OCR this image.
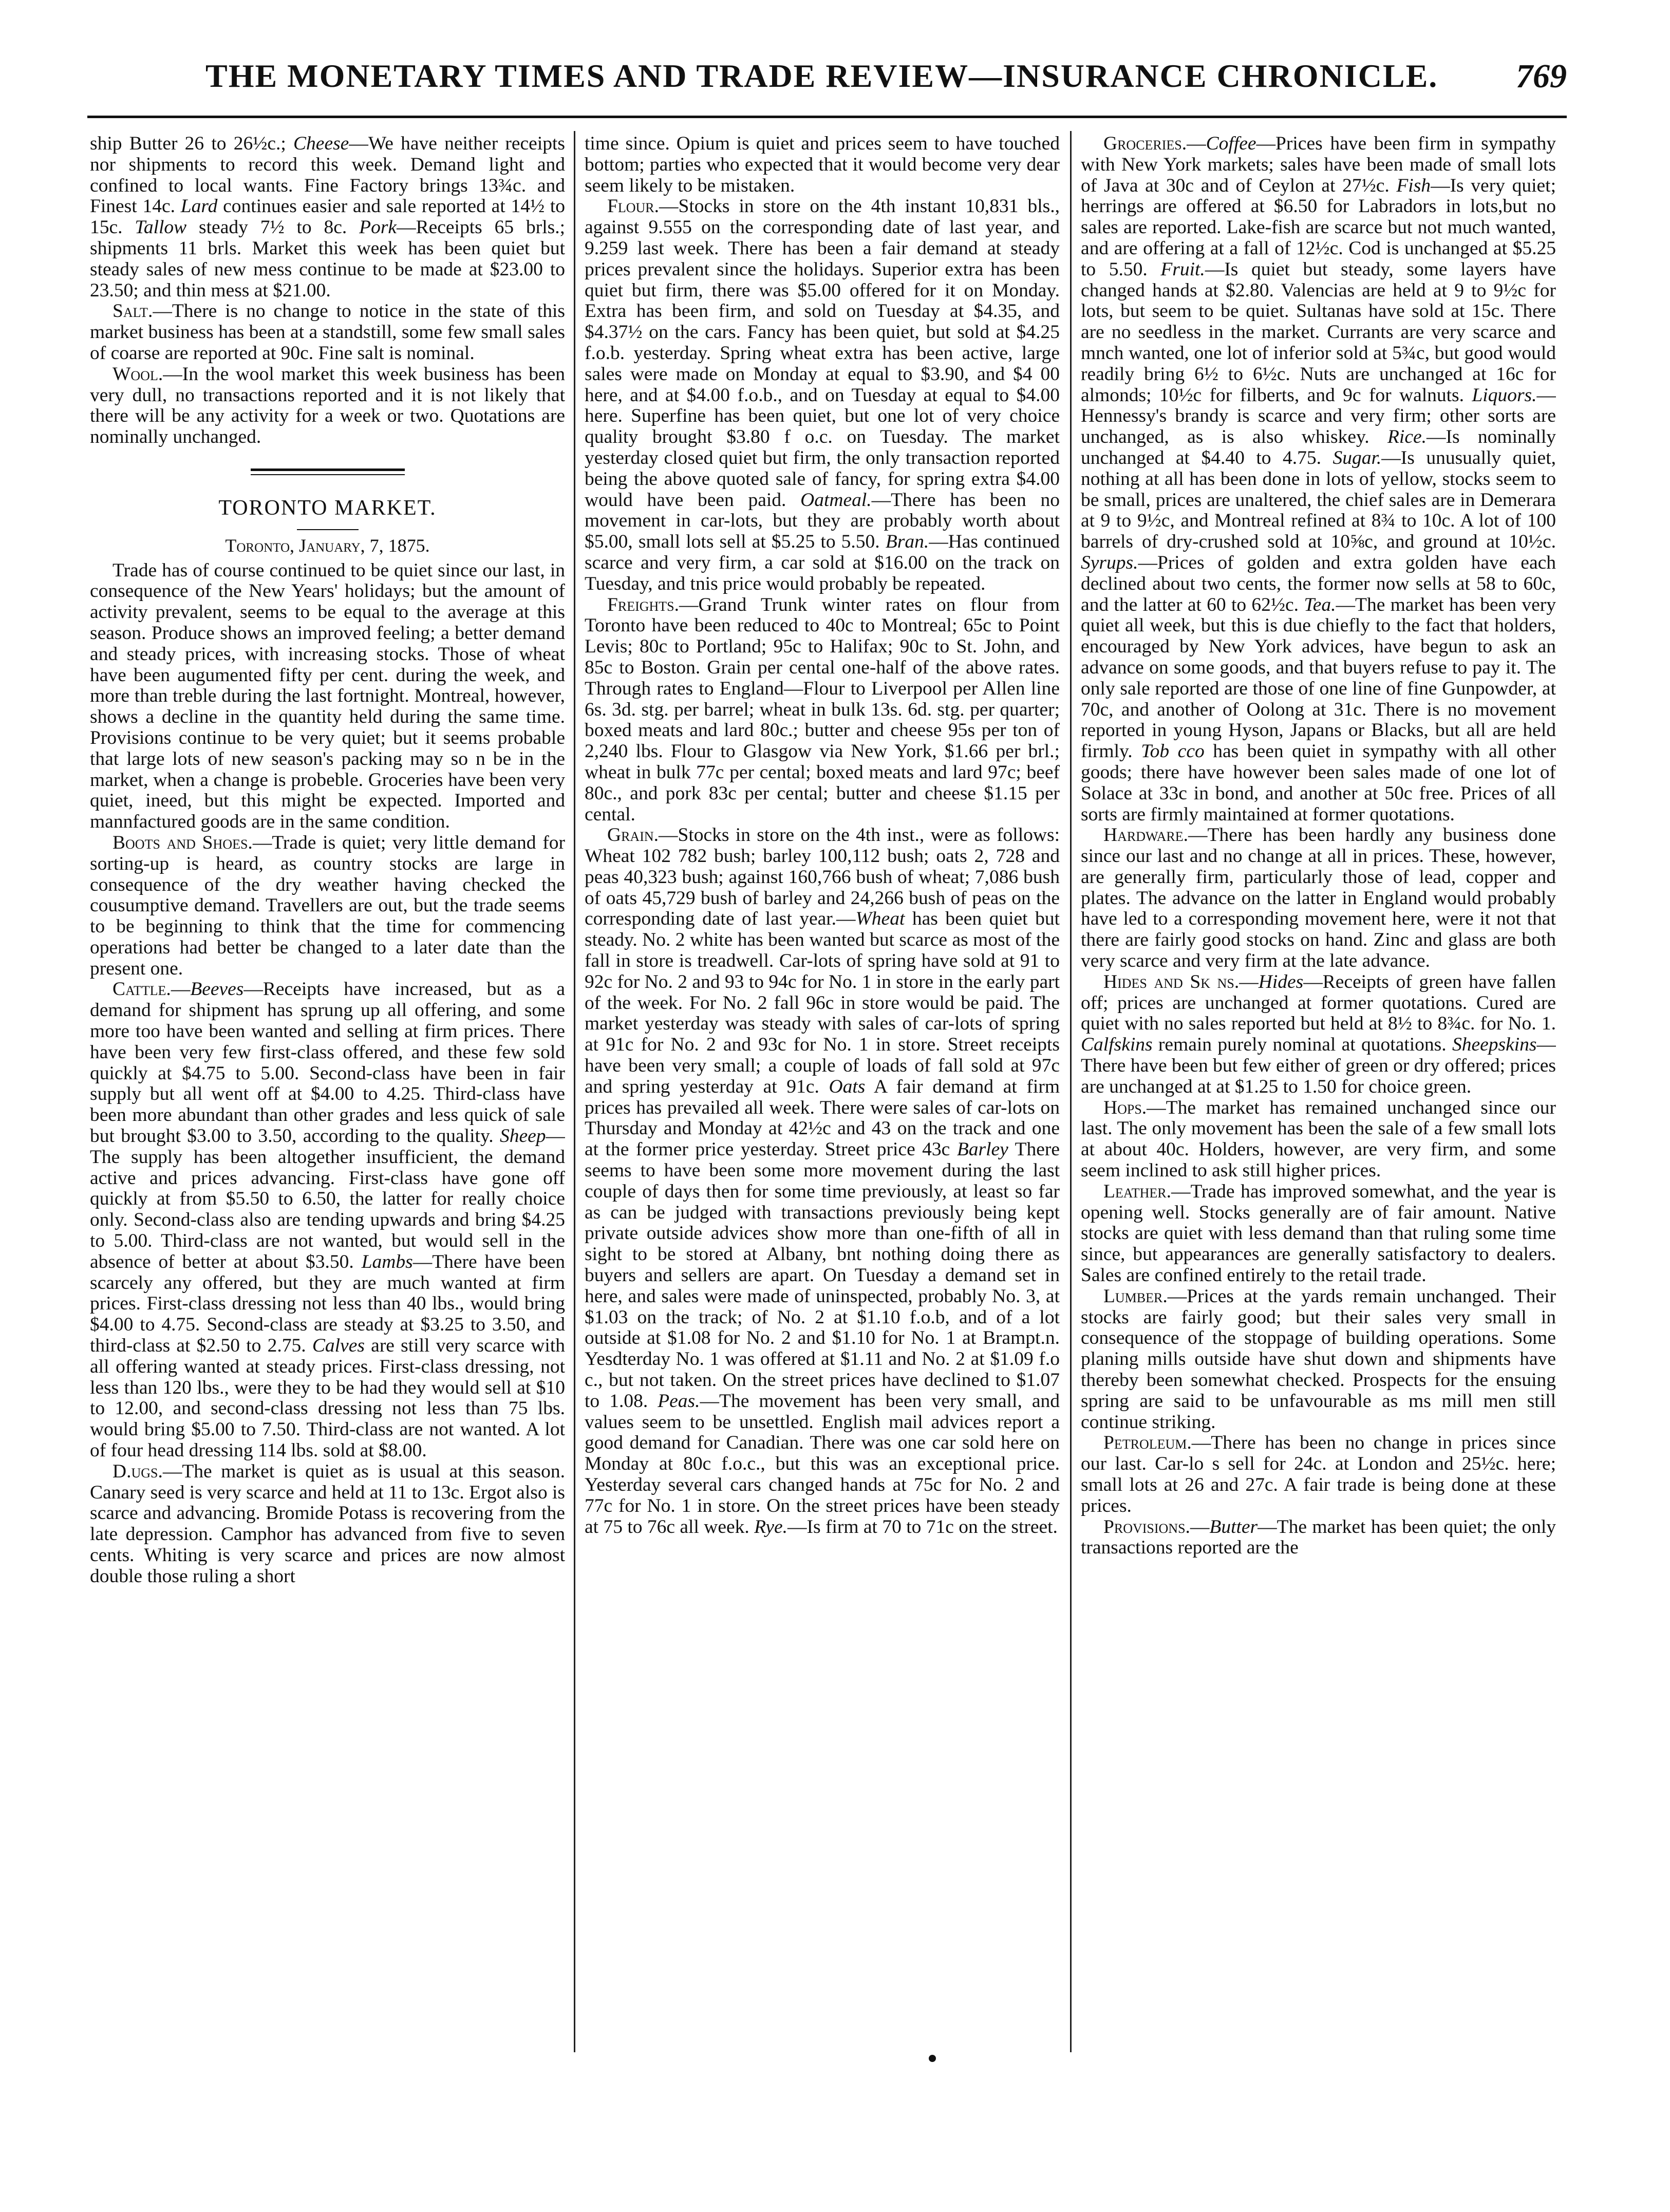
THE MONETARY TIMES AND TRADE REVIEW—INSURANCE CHRONICLE. 769

ship Butter 26 to 26½c.; Cheese—We have neither receipts nor shipments to record this week. Demand light and confined to local wants. Fine Factory brings 13¾c. and Finest 14c. Lard continues easier and sale reported at 14½ to 15c. Tallow steady 7½ to 8c. Pork—Receipts 65 brls.; shipments 11 brls. Market this week has been quiet but steady sales of new mess continue to be made at $23.00 to 23.50; and thin mess at $21.00.

Salt.—There is no change to notice in the state of this market business has been at a standstill, some few small sales of coarse are reported at 90c. Fine salt is nominal.

Wool.—In the wool market this week business has been very dull, no transactions reported and it is not likely that there will be any activity for a week or two. Quotations are nominally unchanged.

TORONTO MARKET.
Toronto, January, 7, 1875.

Trade has of course continued to be quiet since our last, in consequence of the New Years' holidays; but the amount of activity prevalent, seems to be equal to the average at this season. Produce shows an improved feeling; a better demand and steady prices, with increasing stocks. Those of wheat have been augumented fifty per cent. during the week, and more than treble during the last fortnight. Montreal, however, shows a decline in the quantity held during the same time. Provisions continue to be very quiet; but it seems probable that large lots of new season's packing may so n be in the market, when a change is probeble. Groceries have been very quiet, ineed, but this might be expected. Imported and mannfactured goods are in the same condition.

Boots and Shoes.—Trade is quiet; very little demand for sorting-up is heard, as country stocks are large in consequence of the dry weather having checked the cousumptive demand. Travellers are out, but the trade seems to be beginning to think that the time for commencing operations had better be changed to a later date than the present one.

Cattle.—Beeves—Receipts have increased, but as a demand for shipment has sprung up all offering, and some more too have been wanted and selling at firm prices. There have been very few first-class offered, and these few sold quickly at $4.75 to 5.00. Second-class have been in fair supply but all went off at $4.00 to 4.25. Third-class have been more abundant than other grades and less quick of sale but brought $3.00 to 3.50, according to the quality. Sheep—The supply has been altogether insufficient, the demand active and prices advancing. First-class have gone off quickly at from $5.50 to 6.50, the latter for really choice only. Second-class also are tending upwards and bring $4.25 to 5.00. Third-class are not wanted, but would sell in the absence of better at about $3.50. Lambs—There have been scarcely any offered, but they are much wanted at firm prices. First-class dressing not less than 40 lbs., would bring $4.00 to 4.75. Second-class are steady at $3.25 to 3.50, and third-class at $2.50 to 2.75. Calves are still very scarce with all offering wanted at steady prices. First-class dressing, not less than 120 lbs., were they to be had they would sell at $10 to 12.00, and second-class dressing not less than 75 lbs. would bring $5.00 to 7.50. Third-class are not wanted. A lot of four head dressing 114 lbs. sold at $8.00.

D.ugs.—The market is quiet as is usual at this season. Canary seed is very scarce and held at 11 to 13c. Ergot also is scarce and advancing. Bromide Potass is recovering from the late depression. Camphor has advanced from five to seven cents. Whiting is very scarce and prices are now almost double those ruling a short

time since. Opium is quiet and prices seem to have touched bottom; parties who expected that it would become very dear seem likely to be mistaken.

Flour.—Stocks in store on the 4th instant 10,831 bls., against 9.555 on the corresponding date of last year, and 9.259 last week. There has been a fair demand at steady prices prevalent since the holidays. Superior extra has been quiet but firm, there was $5.00 offered for it on Monday. Extra has been firm, and sold on Tuesday at $4.35, and $4.37½ on the cars. Fancy has been quiet, but sold at $4.25 f.o.b. yesterday. Spring wheat extra has been active, large sales were made on Monday at equal to $3.90, and $4 00 here, and at $4.00 f.o.b., and on Tuesday at equal to $4.00 here. Superfine has been quiet, but one lot of very choice quality brought $3.80 f o.c. on Tuesday. The market yesterday closed quiet but firm, the only transaction reported being the above quoted sale of fancy, for spring extra $4.00 would have been paid. Oatmeal.—There has been no movement in car-lots, but they are probably worth about $5.00, small lots sell at $5.25 to 5.50. Bran.—Has continued scarce and very firm, a car sold at $16.00 on the track on Tuesday, and tnis price would probably be repeated.

Freights.—Grand Trunk winter rates on flour from Toronto have been reduced to 40c to Montreal; 65c to Point Levis; 80c to Portland; 95c to Halifax; 90c to St. John, and 85c to Boston. Grain per cental one-half of the above rates. Through rates to England—Flour to Liverpool per Allen line 6s. 3d. stg. per barrel; wheat in bulk 13s. 6d. stg. per quarter; boxed meats and lard 80c.; butter and cheese 95s per ton of 2,240 lbs. Flour to Glasgow via New York, $1.66 per brl.; wheat in bulk 77c per cental; boxed meats and lard 97c; beef 80c., and pork 83c per cental; butter and cheese $1.15 per cental.

Grain.—Stocks in store on the 4th inst., were as follows: Wheat 102 782 bush; barley 100,112 bush; oats 2, 728 and peas 40,323 bush; against 160,766 bush of wheat; 7,086 bush of oats 45,729 bush of barley and 24,266 bush of peas on the corresponding date of last year.—Wheat has been quiet but steady. No. 2 white has been wanted but scarce as most of the fall in store is treadwell. Car-lots of spring have sold at 91 to 92c for No. 2 and 93 to 94c for No. 1 in store in the early part of the week. For No. 2 fall 96c in store would be paid. The market yesterday was steady with sales of car-lots of spring at 91c for No. 2 and 93c for No. 1 in store. Street receipts have been very small; a couple of loads of fall sold at 97c and spring yesterday at 91c. Oats A fair demand at firm prices has prevailed all week. There were sales of car-lots on Thursday and Monday at 42½c and 43 on the track and one at the former price yesterday. Street price 43c Barley There seems to have been some more movement during the last couple of days then for some time previously, at least so far as can be judged with transactions previously being kept private outside advices show more than one-fifth of all in sight to be stored at Albany, bnt nothing doing there as buyers and sellers are apart. On Tuesday a demand set in here, and sales were made of uninspected, probably No. 3, at $1.03 on the track; of No. 2 at $1.10 f.o.b, and of a lot outside at $1.08 for No. 2 and $1.10 for No. 1 at Brampt.n. Yesdterday No. 1 was offered at $1.11 and No. 2 at $1.09 f.o c., but not taken. On the street prices have declined to $1.07 to 1.08. Peas.—The movement has been very small, and values seem to be unsettled. English mail advices report a good demand for Canadian. There was one car sold here on Monday at 80c f.o.c., but this was an exceptional price. Yesterday several cars changed hands at 75c for No. 2 and 77c for No. 1 in store. On the street prices have been steady at 75 to 76c all week. Rye.—Is firm at 70 to 71c on the street.

Groceries.—Coffee—Prices have been firm in sympathy with New York markets; sales have been made of small lots of Java at 30c and of Ceylon at 27½c. Fish—Is very quiet; herrings are offered at $6.50 for Labradors in lots,but no sales are reported. Lake-fish are scarce but not much wanted, and are offering at a fall of 12½c. Cod is unchanged at $5.25 to 5.50. Fruit.—Is quiet but steady, some layers have changed hands at $2.80. Valencias are held at 9 to 9½c for lots, but seem to be quiet. Sultanas have sold at 15c. There are no seedless in the market. Currants are very scarce and mnch wanted, one lot of inferior sold at 5¾c, but good would readily bring 6½ to 6½c. Nuts are unchanged at 16c for almonds; 10½c for filberts, and 9c for walnuts. Liquors.—Hennessy's brandy is scarce and very firm; other sorts are unchanged, as is also whiskey. Rice.—Is nominally unchanged at $4.40 to 4.75. Sugar.—Is unusually quiet, nothing at all has been done in lots of yellow, stocks seem to be small, prices are unaltered, the chief sales are in Demerara at 9 to 9½c, and Montreal refined at 8¾ to 10c. A lot of 100 barrels of dry-crushed sold at 10⅝c, and ground at 10½c. Syrups.—Prices of golden and extra golden have each declined about two cents, the former now sells at 58 to 60c, and the latter at 60 to 62½c. Tea.—The market has been very quiet all week, but this is due chiefly to the fact that holders, encouraged by New York advices, have begun to ask an advance on some goods, and that buyers refuse to pay it. The only sale reported are those of one line of fine Gunpowder, at 70c, and another of Oolong at 31c. There is no movement reported in young Hyson, Japans or Blacks, but all are held firmly. Tob cco has been quiet in sympathy with all other goods; there have however been sales made of one lot of Solace at 33c in bond, and another at 50c free. Prices of all sorts are firmly maintained at former quotations.

Hardware.—There has been hardly any business done since our last and no change at all in prices. These, however, are generally firm, particularly those of lead, copper and plates. The advance on the latter in England would probably have led to a corresponding movement here, were it not that there are fairly good stocks on hand. Zinc and glass are both very scarce and very firm at the late advance.

Hides and Sk ns.—Hides—Receipts of green have fallen off; prices are unchanged at former quotations. Cured are quiet with no sales reported but held at 8½ to 8¾c. for No. 1. Calfskins remain purely nominal at quotations. Sheepskins—There have been but few either of green or dry offered; prices are unchanged at at $1.25 to 1.50 for choice green.

Hops.—The market has remained unchanged since our last. The only movement has been the sale of a few small lots at about 40c. Holders, however, are very firm, and some seem inclined to ask still higher prices.

Leather.—Trade has improved somewhat, and the year is opening well. Stocks generally are of fair amount. Native stocks are quiet with less demand than that ruling some time since, but appearances are generally satisfactory to dealers. Sales are confined entirely to the retail trade.

Lumber.—Prices at the yards remain unchanged. Their stocks are fairly good; but their sales very small in consequence of the stoppage of building operations. Some planing mills outside have shut down and shipments have thereby been somewhat checked. Prospects for the ensuing spring are said to be unfavourable as ms mill men still continue striking.

Petroleum.—There has been no change in prices since our last. Car-lo s sell for 24c. at London and 25½c. here; small lots at 26 and 27c. A fair trade is being done at these prices.

Provisions.—Butter—The market has been quiet; the only transactions reported are the
